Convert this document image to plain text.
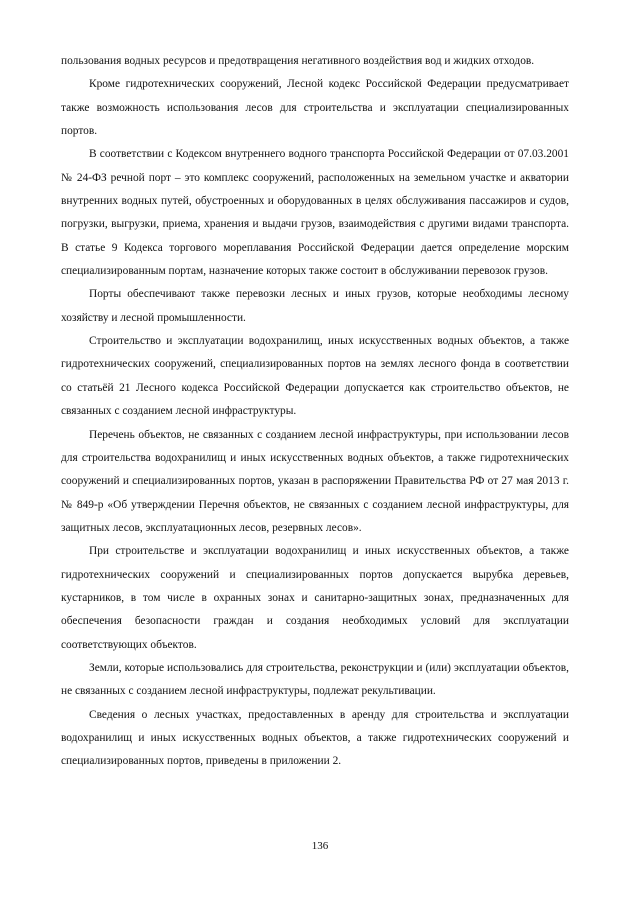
пользования водных ресурсов и предотвращения негативного воздействия вод и жидких отходов.

Кроме гидротехнических сооружений, Лесной кодекс Российской Федерации предусматривает также возможность использования лесов для строительства и эксплуатации специализированных портов.

В соответствии с Кодексом внутреннего водного транспорта Российской Федерации от 07.03.2001 № 24-ФЗ речной порт – это комплекс сооружений, расположенных на земельном участке и акватории внутренних водных путей, обустроенных и оборудованных в целях обслуживания пассажиров и судов, погрузки, выгрузки, приема, хранения и выдачи грузов, взаимодействия с другими видами транспорта. В статье 9 Кодекса торгового мореплавания Российской Федерации дается определение морским специализированным портам, назначение которых также состоит в обслуживании перевозок грузов.

Порты обеспечивают также перевозки лесных и иных грузов, которые необходимы лесному хозяйству и лесной промышленности.

Строительство и эксплуатации водохранилищ, иных искусственных водных объектов, а также гидротехнических сооружений, специализированных портов на землях лесного фонда в соответствии со статьёй 21 Лесного кодекса Российской Федерации допускается как строительство объектов, не связанных с созданием лесной инфраструктуры.

Перечень объектов, не связанных с созданием лесной инфраструктуры, при использовании лесов для строительства водохранилищ и иных искусственных водных объектов, а также гидротехнических сооружений и специализированных портов, указан в распоряжении Правительства РФ от 27 мая 2013 г. № 849-р «Об утверждении Перечня объектов, не связанных с созданием лесной инфраструктуры, для защитных лесов, эксплуатационных лесов, резервных лесов».

При строительстве и эксплуатации водохранилищ и иных искусственных объектов, а также гидротехнических сооружений и специализированных портов допускается вырубка деревьев, кустарников, в том числе в охранных зонах и санитарно-защитных зонах, предназначенных для обеспечения безопасности граждан и создания необходимых условий для эксплуатации соответствующих объектов.

Земли, которые использовались для строительства, реконструкции и (или) эксплуатации объектов, не связанных с созданием лесной инфраструктуры, подлежат рекультивации.

Сведения о лесных участках, предоставленных в аренду для строительства и эксплуатации водохранилищ и иных искусственных водных объектов, а также гидротехнических сооружений и специализированных портов, приведены в приложении 2.

136
